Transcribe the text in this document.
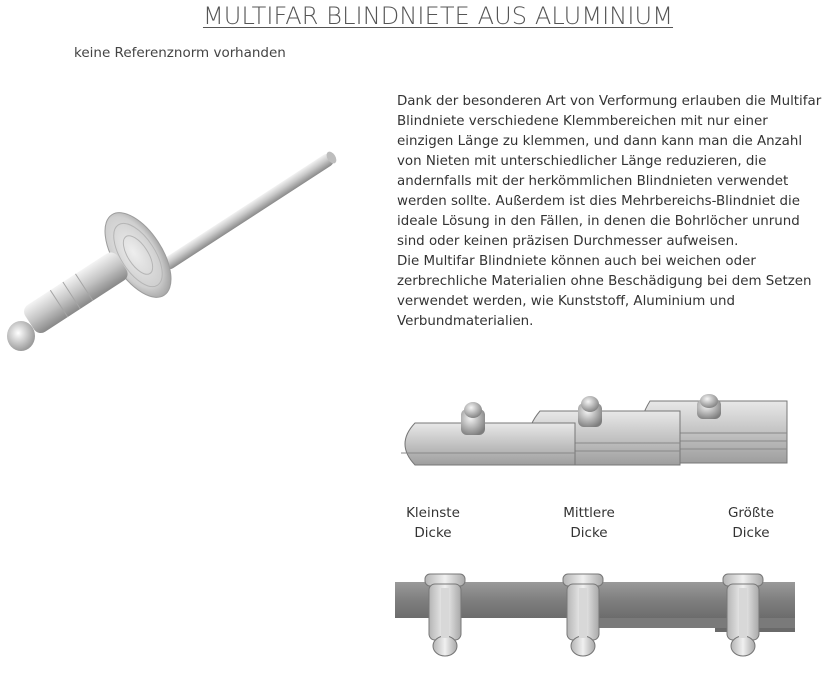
MULTIFAR BLINDNIETE AUS ALUMINIUM
keine Referenznorm vorhanden

Dank der besonderen Art von Verformung erlauben die Multifar Blindniete verschiedene Klemmbereichen mit nur einer einzigen Länge zu klemmen, und dann kann man die Anzahl von Nieten mit unterschiedlicher Länge reduzieren, die andernfalls mit der herkömmlichen Blindnieten verwendet werden sollte. Außerdem ist dies Mehrbereichs-Blindniet die ideale Lösung in den Fällen, in denen die Bohrlöcher unrund sind oder keinen präzisen Durchmesser aufweisen.

Die Multifar Blindniete können auch bei weichen oder zerbrechliche Materialien ohne Beschädigung bei dem Setzen verwendet werden, wie Kunststoff, Aluminium und Verbundmaterialien.

Kleinste
Dicke
Mittlere
Dicke
Größte
Dicke
